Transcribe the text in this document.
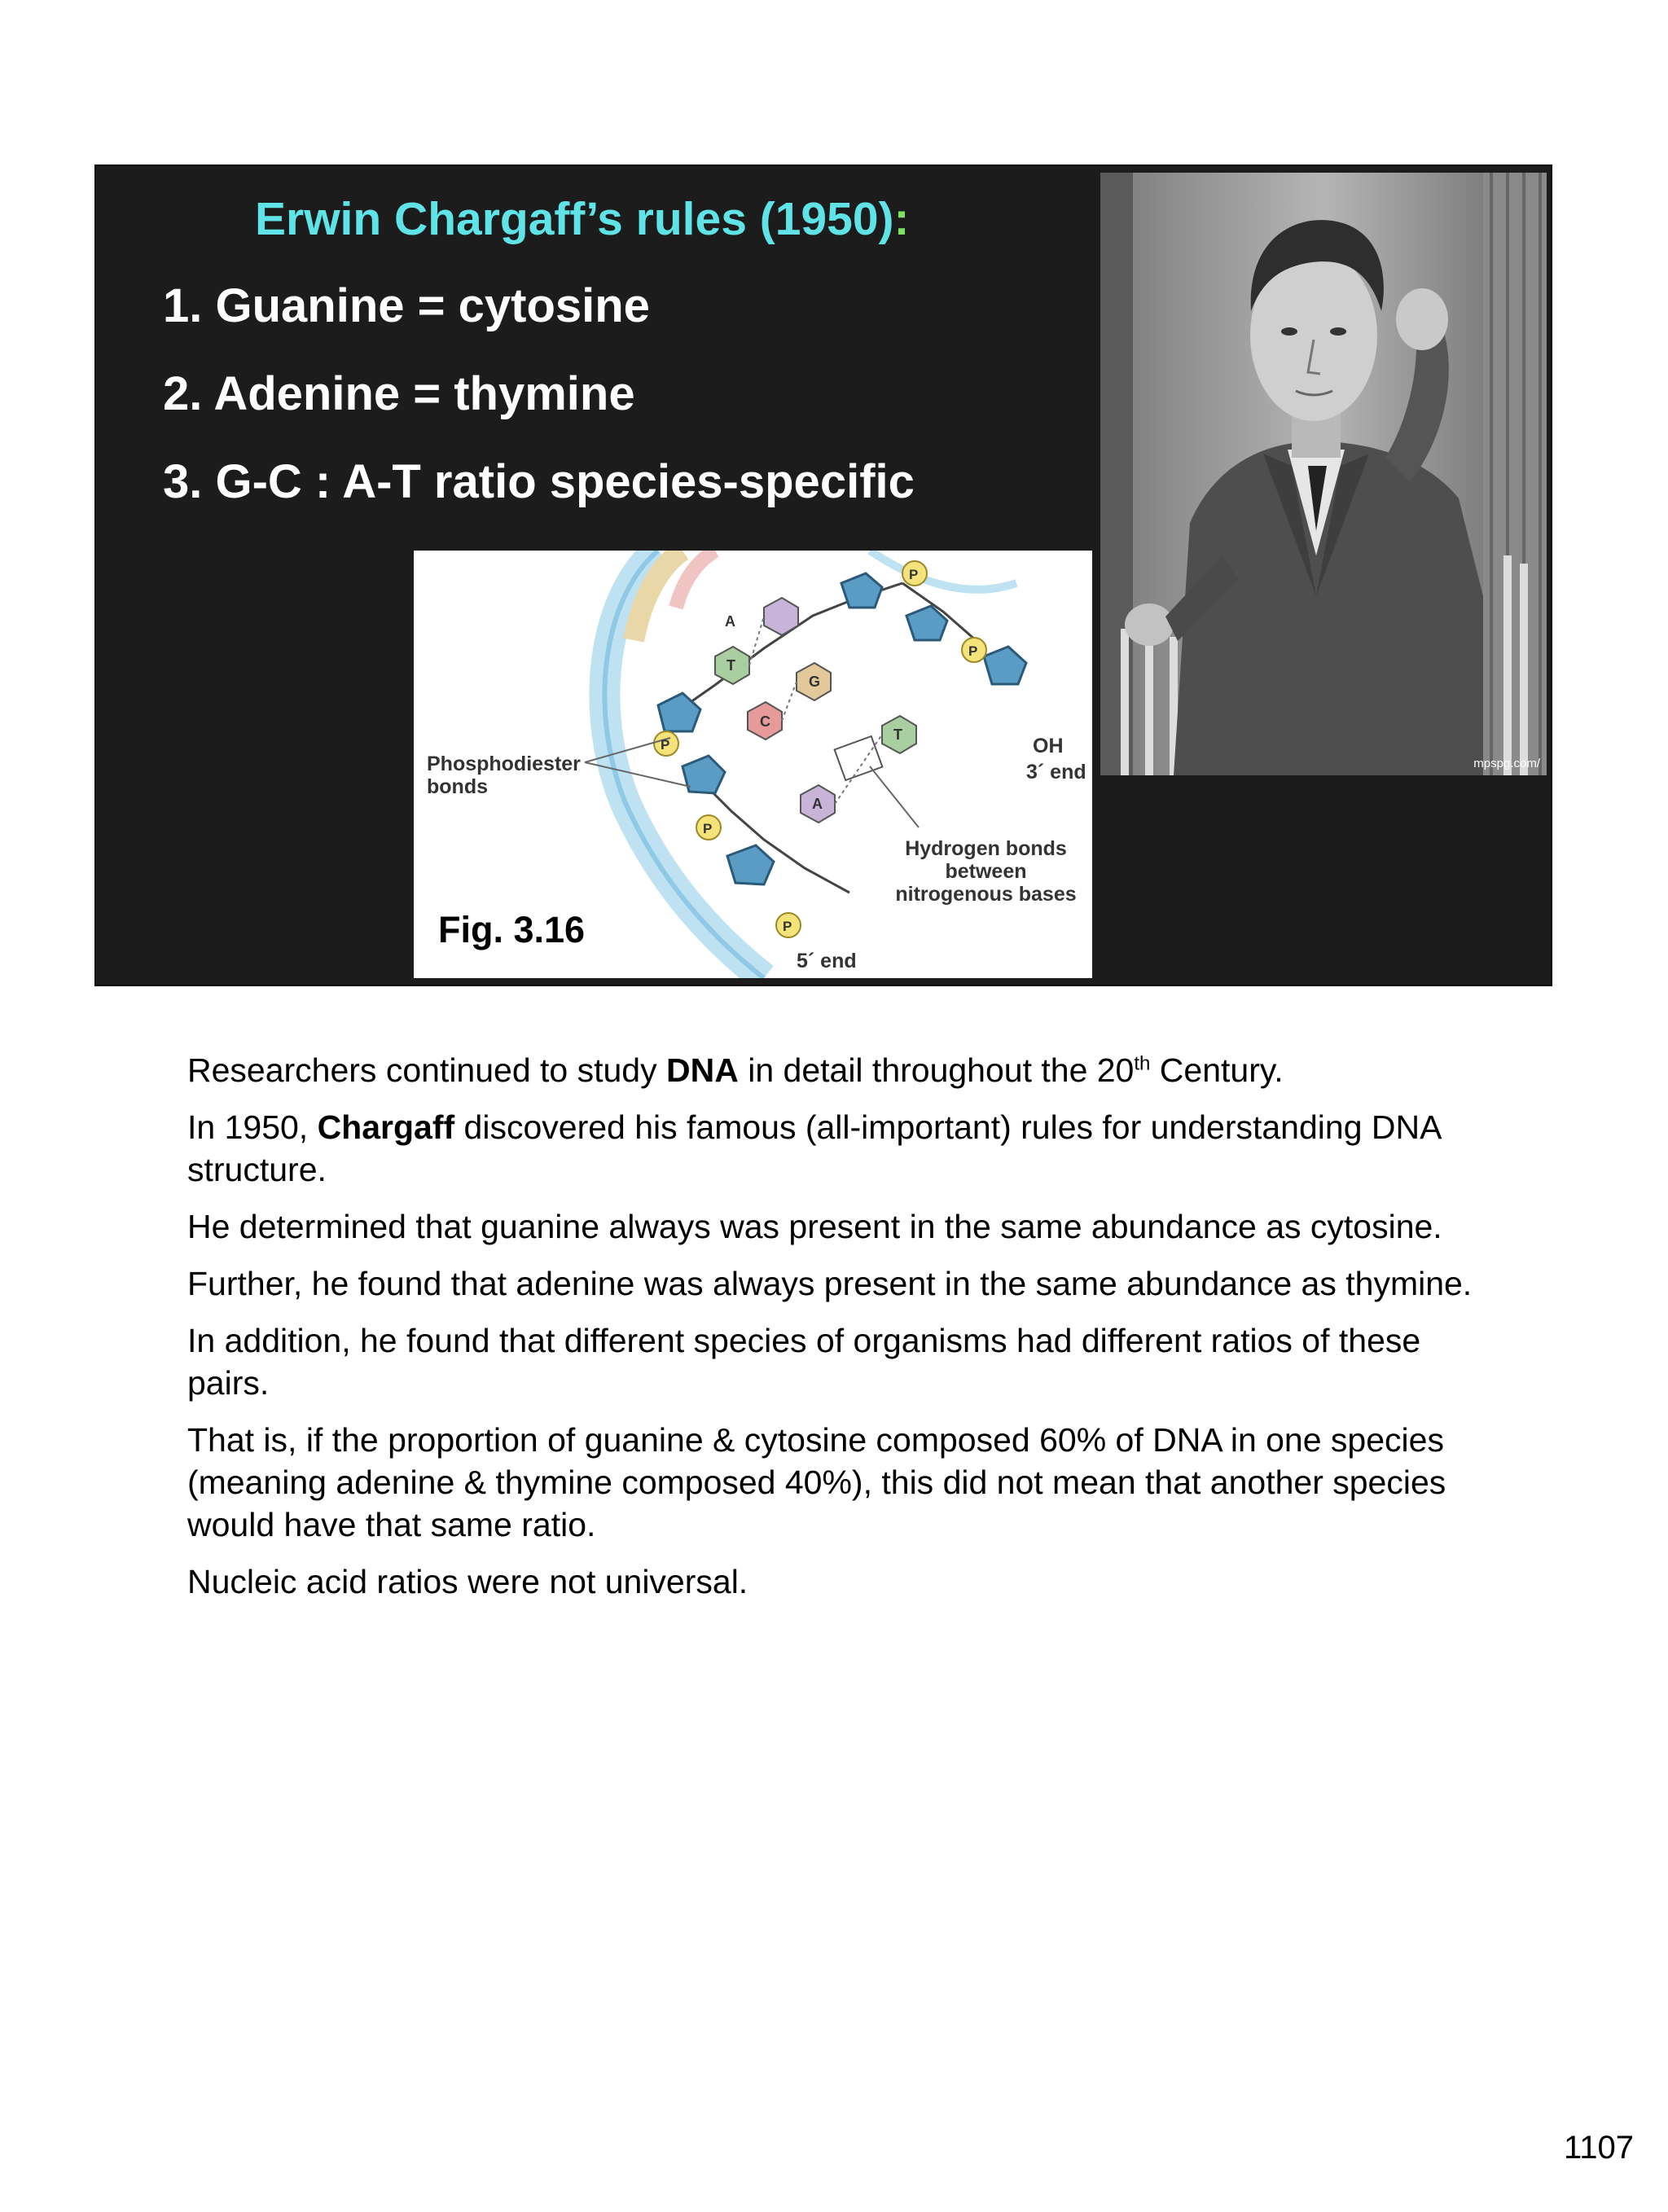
Erwin Chargaff’s rules (1950):
1. Guanine = cytosine
2. Adenine = thymine
3. G-C : A-T ratio species-specific
A
T
G
C
T
A
P
P
P
P
P
Phosphodiester
bonds
OH
3´ end
5´ end
Hydrogen bonds
between
nitrogenous bases
Fig. 3.16
mpspg.com/

Researchers continued to study DNA in detail throughout the 20th Century.

In 1950, Chargaff discovered his famous (all-important) rules for understanding DNA structure.

He determined that guanine always was present in the same abundance as cytosine.

Further, he found that adenine was always present in the same abundance as thymine.

In addition, he found that different species of organisms had different ratios of these pairs.

That is, if the proportion of guanine & cytosine composed 60% of DNA in one species (meaning adenine & thymine composed 40%), this did not mean that another species would have that same ratio.

Nucleic acid ratios were not universal.

1107
